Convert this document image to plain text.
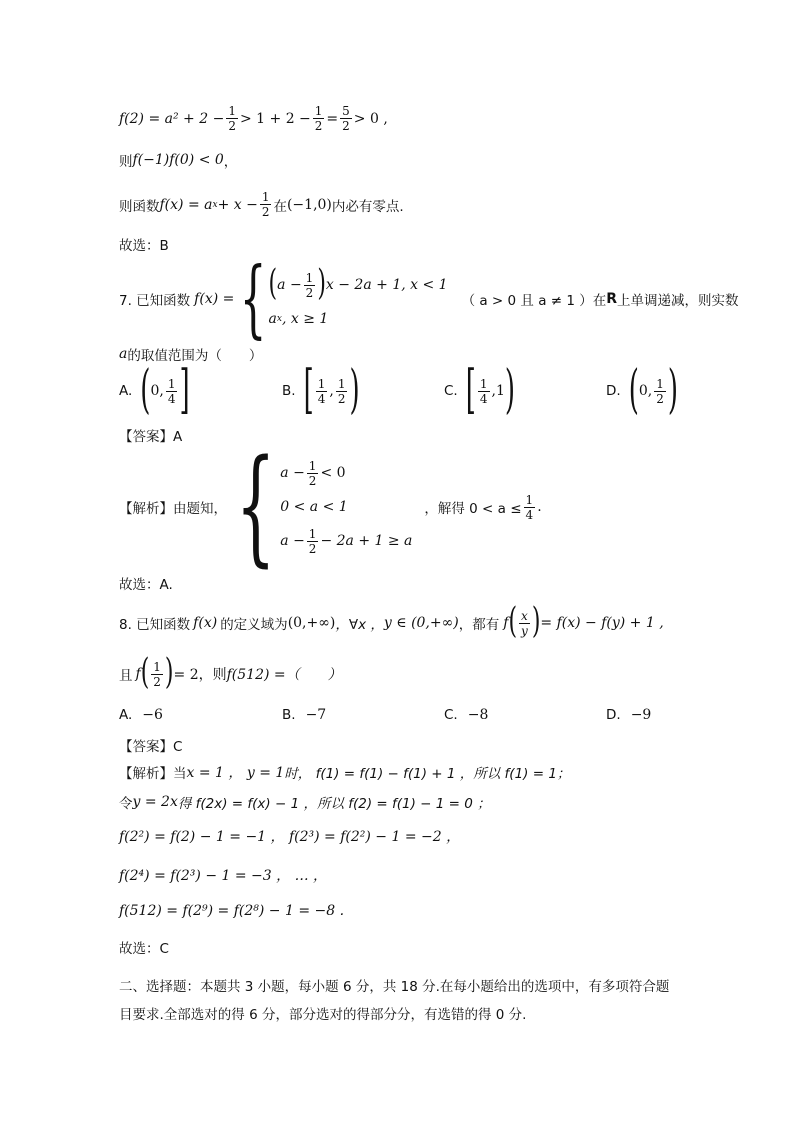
$f(2) = a^2 + 2 - \frac{1}{2} > 1 + 2 - \frac{1}{2} = \frac{5}{2} > 0$ ,
则 f(−1)f(0) < 0 ，
则函数 f(x) = a $x + x - \frac{1}{2}$ 在 (−1,0) 内必有零点.
故选：B
7. 已知函数 f(x) = { ( $a - \frac{1}{2}$ ) x − 2a + 1, x < 1
a x , x ≥ 1
（ a > 0 且 a ≠ 1 ）在 R 上单调递减，则实数
a 的取值范围为（　　）
A. ( 0, $\frac{1}{4}$ ]	B. [ $\frac{1}{4}$ , $\frac{1}{2}$ )	C. [ $\frac{1}{4} ,1$ )	D. ( 0, $\frac{1}{2}$ )
【答案】A
【解析】由题知， { $a - \frac{1}{2} < 0$
0 < a < 1
$a - \frac{1}{2} - 2a + 1 \ge a$
，解得 $0 < a \le \frac{1}{4}$ .
故选：A.
8. 已知函数 f(x) 的定义域为 (0,+∞) ，∀x ， y ∈ (0,+∞) ，都有 f ( $\frac{x}{y}$ ) = f(x) − f(y) + 1 ,
且 f ( $\frac{1}{2}$ ) = 2，则 f(512) =（　　）
A. −6	B. −7	C. −8	D. −9
【答案】C
【解析】当 x = 1 ， y = 1 时， f(1) = f(1) − f(1) + 1 ，所以 f(1) = 1；
令 y = 2x 得 f(2x) = f(x) − 1 ，所以 f(2) = f(1) − 1 = 0 ；
f(2²) = f(2) − 1 = −1 ， f(2³) = f(2²) − 1 = −2 ，
f(2⁴) = f(2³) − 1 = −3 ， … ，
f(512) = f(2⁹) = f(2⁸) − 1 = −8 .
故选：C
二、选择题：本题共 3 小题，每小题 6 分，共 18 分.在每小题给出的选项中，有多项符合题
目要求.全部选对的得 6 分，部分选对的得部分分，有选错的得 0 分.
